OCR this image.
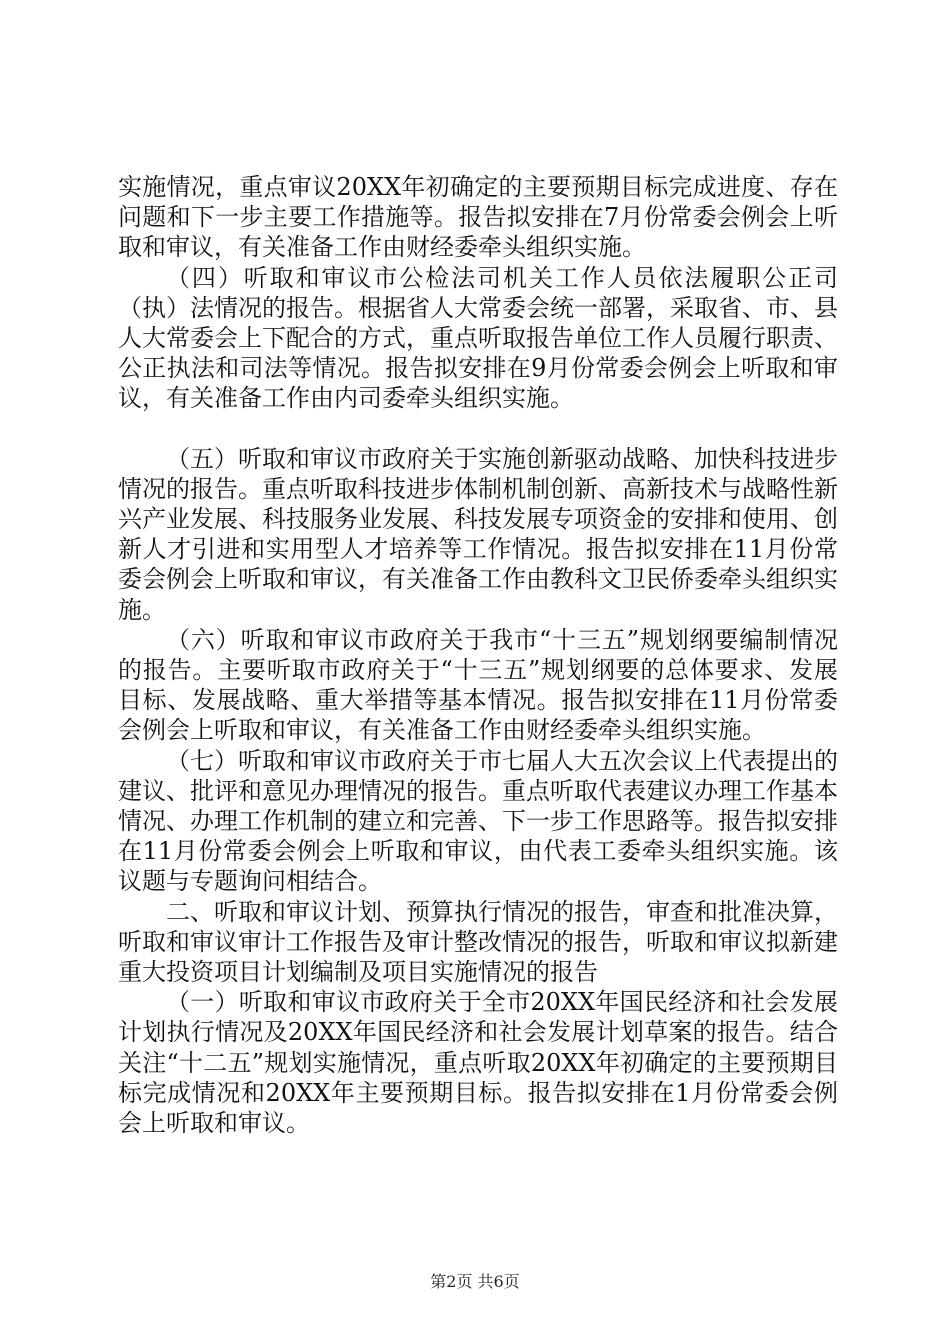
实施情况，重点审议20XX年初确定的主要预期目标完成进度、存在问题和下一步主要工作措施等。报告拟安排在7月份常委会例会上听取和审议，有关准备工作由财经委牵头组织实施。

（四）听取和审议市公检法司机关工作人员依法履职公正司（执）法情况的报告。根据省人大常委会统一部署，采取省、市、县人大常委会上下配合的方式，重点听取报告单位工作人员履行职责、公正执法和司法等情况。报告拟安排在9月份常委会例会上听取和审议，有关准备工作由内司委牵头组织实施。

（五）听取和审议市政府关于实施创新驱动战略、加快科技进步情况的报告。重点听取科技进步体制机制创新、高新技术与战略性新兴产业发展、科技服务业发展、科技发展专项资金的安排和使用、创新人才引进和实用型人才培养等工作情况。报告拟安排在11月份常委会例会上听取和审议，有关准备工作由教科文卫民侨委牵头组织实施。

（六）听取和审议市政府关于我市“十三五”规划纲要编制情况的报告。主要听取市政府关于“十三五”规划纲要的总体要求、发展目标、发展战略、重大举措等基本情况。报告拟安排在11月份常委会例会上听取和审议，有关准备工作由财经委牵头组织实施。

（七）听取和审议市政府关于市七届人大五次会议上代表提出的建议、批评和意见办理情况的报告。重点听取代表建议办理工作基本情况、办理工作机制的建立和完善、下一步工作思路等。报告拟安排在11月份常委会例会上听取和审议，由代表工委牵头组织实施。该议题与专题询问相结合。

二、听取和审议计划、预算执行情况的报告，审查和批准决算，听取和审议审计工作报告及审计整改情况的报告，听取和审议拟新建重大投资项目计划编制及项目实施情况的报告

（一）听取和审议市政府关于全市20XX年国民经济和社会发展计划执行情况及20XX年国民经济和社会发展计划草案的报告。结合关注“十二五”规划实施情况，重点听取20XX年初确定的主要预期目标完成情况和20XX年主要预期目标。报告拟安排在1月份常委会例会上听取和审议。

第2页 共6页
